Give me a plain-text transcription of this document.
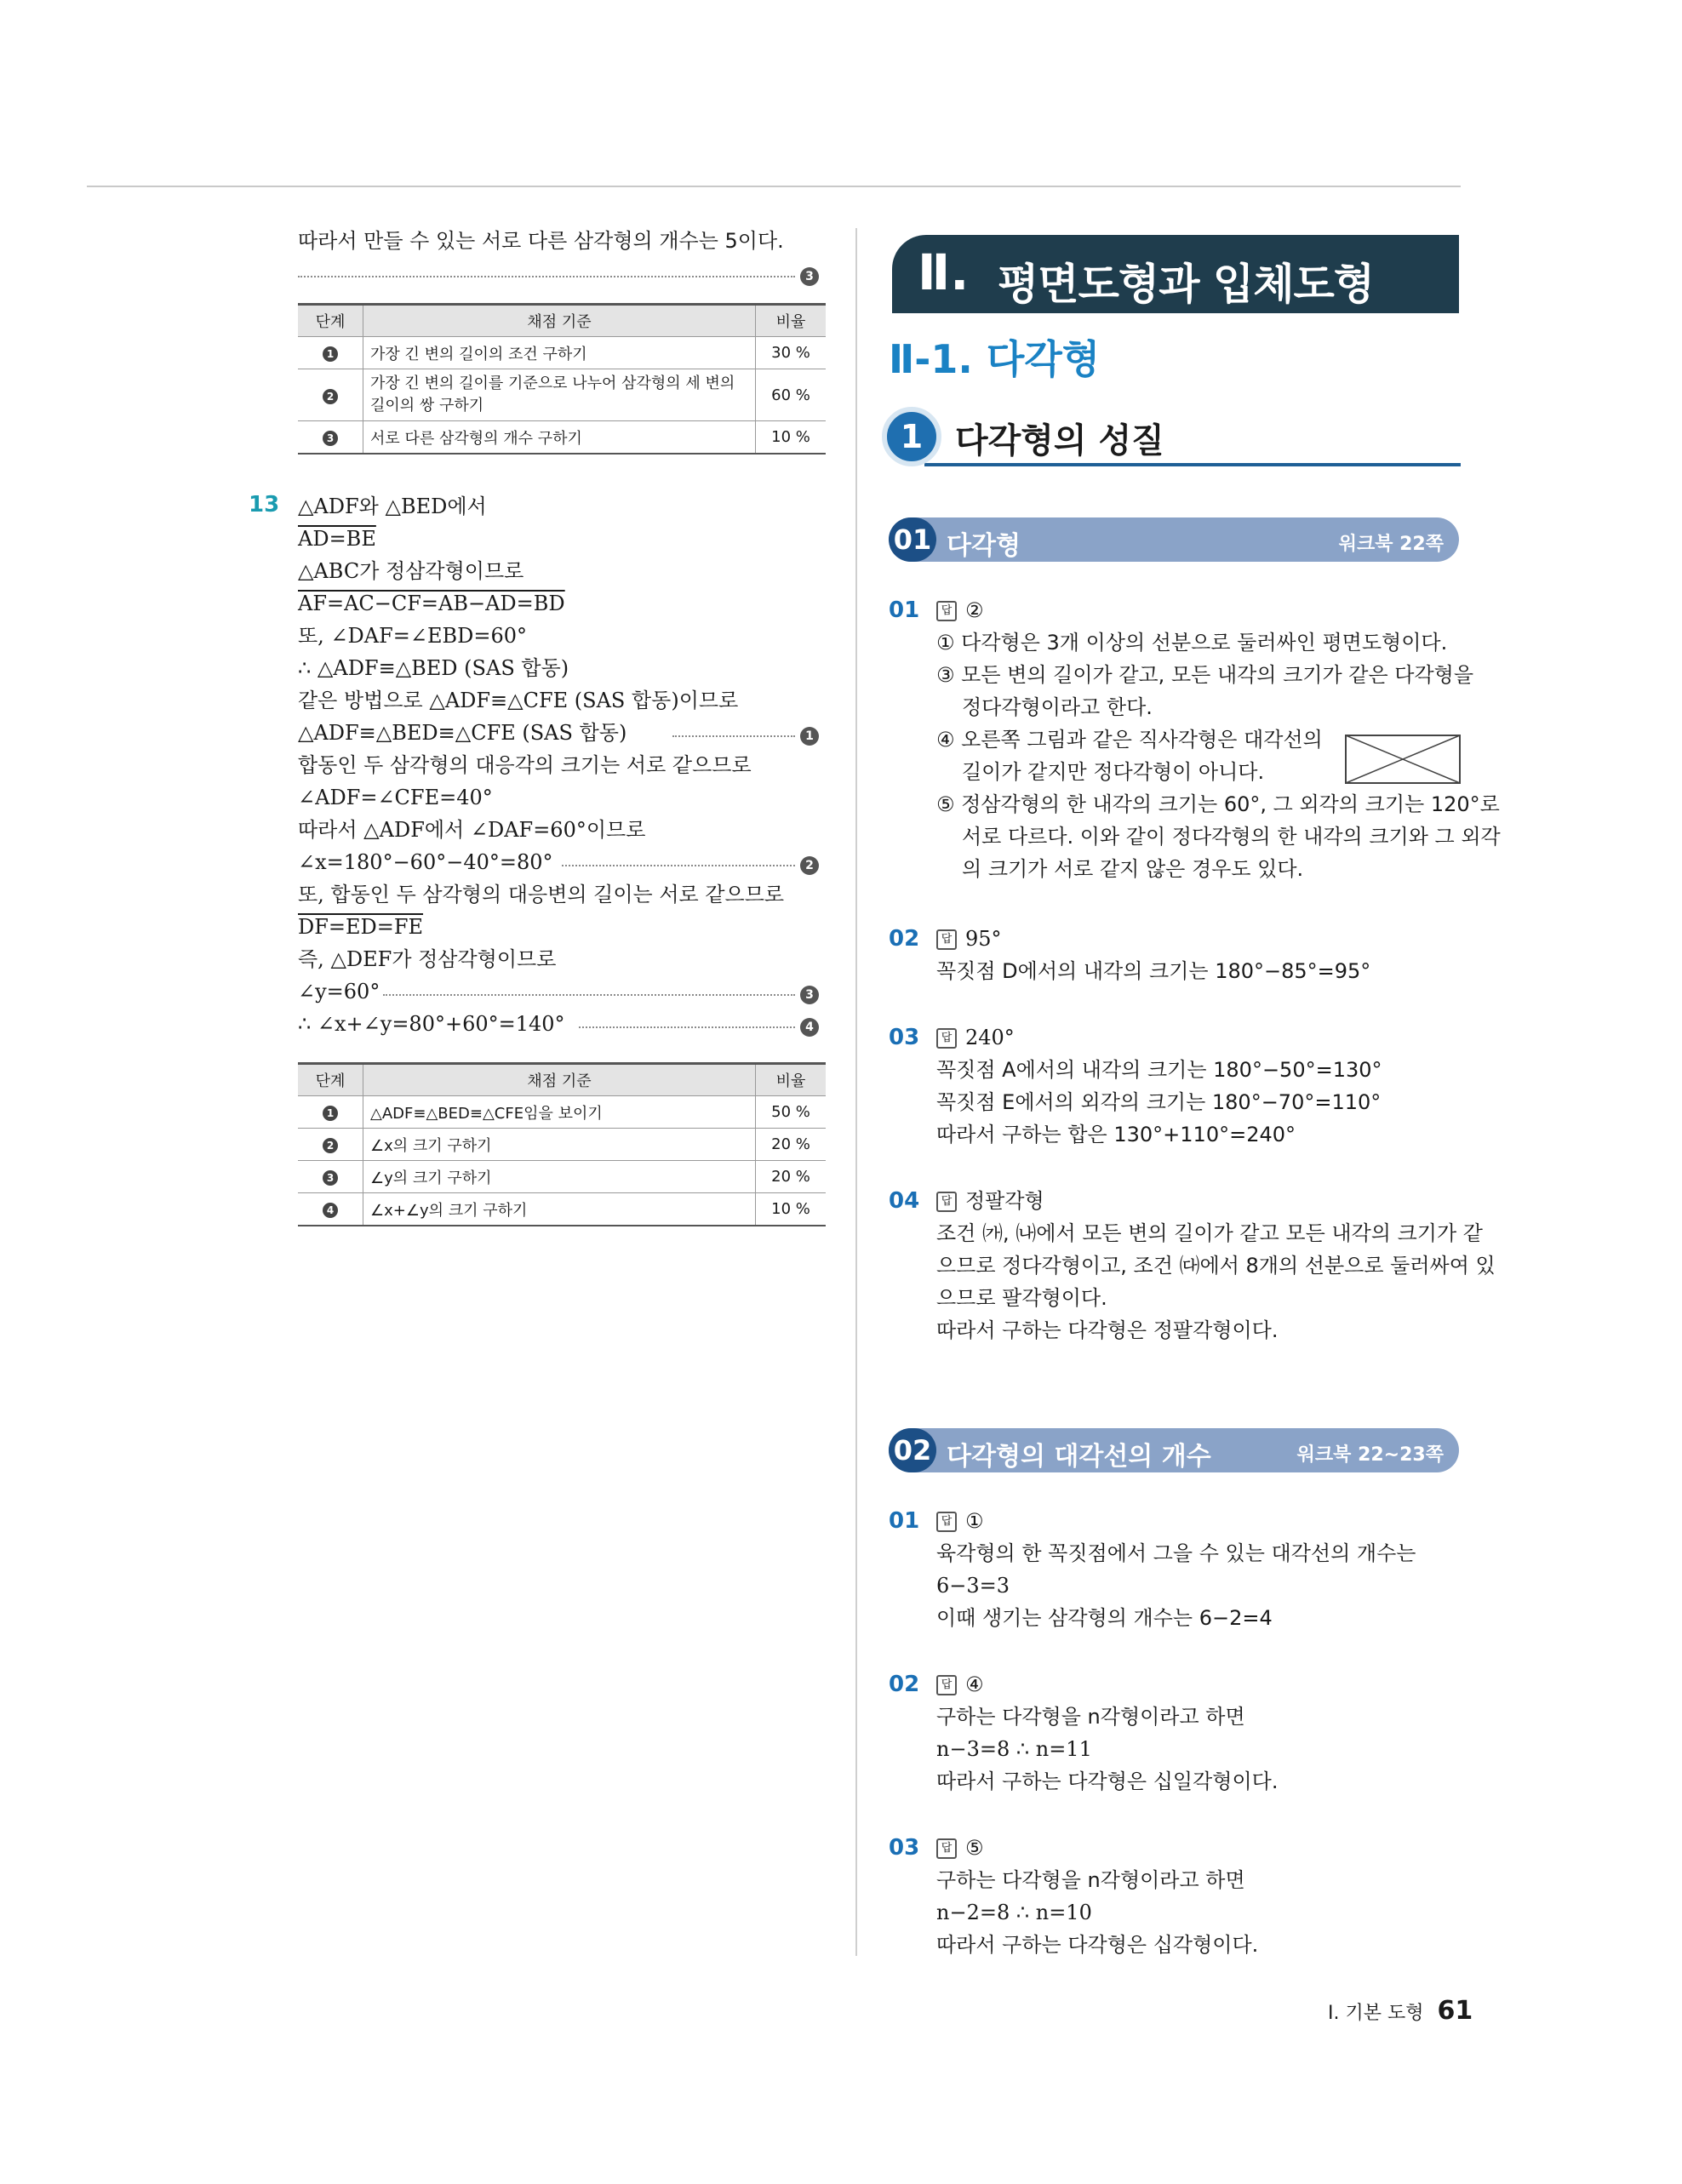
따라서 만들 수 있는 서로 다른 삼각형의 개수는 5이다.
3
단계	채점 기준	비율
1	가장 긴 변의 길이의 조건 구하기	30 %
2	가장 긴 변의 길이를 기준으로 나누어 삼각형의 세 변의 길이의 쌍 구하기	60 %
3	서로 다른 삼각형의 개수 구하기	10 %
13 △ADF와 △BED에서
AD=BE
△ABC가 정삼각형이므로
AF=AC−CF=AB−AD=BD
또, ∠DAF=∠EBD=60°
∴ △ADF≡△BED (SAS 합동)
같은 방법으로 △ADF≡△CFE (SAS 합동)이므로
△ADF≡△BED≡△CFE (SAS 합동)	1
합동인 두 삼각형의 대응각의 크기는 서로 같으므로
∠ADF=∠CFE=40°
따라서 △ADF에서 ∠DAF=60°이므로
∠x=180°−60°−40°=80°	2
또, 합동인 두 삼각형의 대응변의 길이는 서로 같으므로
DF=ED=FE
즉, △DEF가 정삼각형이므로
∠y=60°	3
∴ ∠x+∠y=80°+60°=140°	4
단계	채점 기준	비율
1	△ADF≡△BED≡△CFE임을 보이기	50 %
2	∠x의 크기 구하기	20 %
3	∠y의 크기 구하기	20 %
4	∠x+∠y의 크기 구하기	10 %
Ⅱ. 평면도형과 입체도형
Ⅱ-1. 다각형
1 다각형의 성질
01 다각형	워크북 22쪽
01	답 ②
① 다각형은 3개 이상의 선분으로 둘러싸인 평면도형이다.
③ 모든 변의 길이가 같고, 모든 내각의 크기가 같은 다각형을
정다각형이라고 한다.
④ 오른쪽 그림과 같은 직사각형은 대각선의
길이가 같지만 정다각형이 아니다.
⑤ 정삼각형의 한 내각의 크기는 60°, 그 외각의 크기는 120°로
서로 다르다. 이와 같이 정다각형의 한 내각의 크기와 그 외각
의 크기가 서로 같지 않은 경우도 있다.
02	답 95°
꼭짓점 D에서의 내각의 크기는 180°−85°=95°
03	답 240°
꼭짓점 A에서의 내각의 크기는 180°−50°=130°
꼭짓점 E에서의 외각의 크기는 180°−70°=110°
따라서 구하는 합은 130°+110°=240°
04	답 정팔각형
조건 ㈎, ㈏에서 모든 변의 길이가 같고 모든 내각의 크기가 같
으므로 정다각형이고, 조건 ㈐에서 8개의 선분으로 둘러싸여 있
으므로 팔각형이다.
따라서 구하는 다각형은 정팔각형이다.
02 다각형의 대각선의 개수	워크북 22~23쪽
01	답 ①
육각형의 한 꼭짓점에서 그을 수 있는 대각선의 개수는
6−3=3
이때 생기는 삼각형의 개수는 6−2=4
02	답 ④
구하는 다각형을 n각형이라고 하면
n−3=8 ∴ n=11
따라서 구하는 다각형은 십일각형이다.
03	답 ⑤
구하는 다각형을 n각형이라고 하면
n−2=8 ∴ n=10
따라서 구하는 다각형은 십각형이다.
Ⅰ. 기본 도형 61
